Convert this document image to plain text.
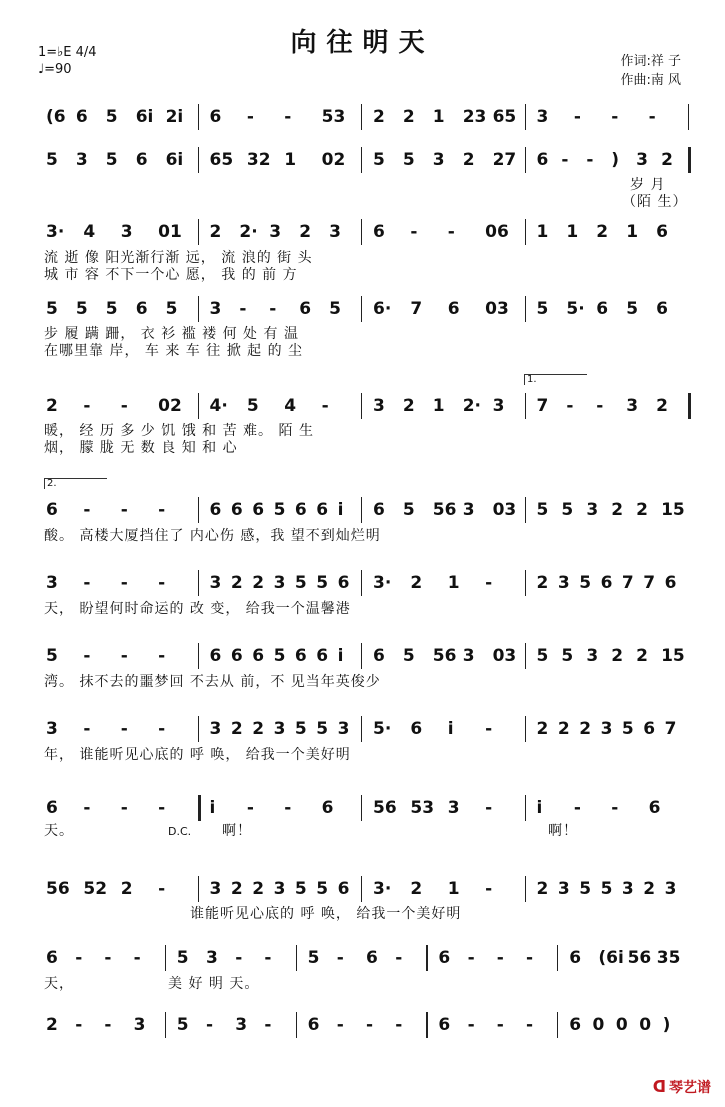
向往明天
1=♭E 4/4
♩=90
作词:祥 子
作曲:南 风
(6 6 5 6i 2i 6 - - 53 2 2 1 23 65 3 - - -
5 3 5 6 6i 65 32 1 02 5 5 3 2 27 6 - - ) 3 2
3· 4 3 01 2 2· 3 2 3 6 - - 06 1 1 2 1 6
5 5 5 6 5 3 - - 6 5 6· 7 6 03 5 5· 6 5 6
2 - - 02 4· 5 4 -	3 2 1 2· 3 7 - - 3 2
6 - - -	6 6 6 5 6 6 i 6 5 56 3 03 5 5 3 2 2 15
3 - - -	3 2 2 3 5 5 6 3· 2 1 -	2 3 5 6 7 7 6
5 - - -	6 6 6 5 6 6 i 6 5 56 3 03 5 5 3 2 2 15
3 - - -	3 2 2 3 5 5 3 5· 6 i -	2 2 2 3 5 6 7
6 - - -	i - - 6 56 53 3 -	i - - 6
56 52 2 -	3 2 2 3 5 5 6 3· 2 1 -	2 3 5 5 3 2 3
6 - - - 5 3 - - 5 - 6 - 6 - - - 6 (6i 56 35
2 - - 3 5 - 3 - 6 - - - 6 - - - 6 0 0 0 )
岁 月
（陌 生）
流 逝 像 阳光渐行渐 远， 流 浪的 街 头
城 市 容 不下一个心 愿， 我 的 前 方
步 履 蹒 跚， 衣 衫 褴 褛 何 处 有 温
在哪里靠 岸， 车 来 车 往 掀 起 的 尘
暖， 经 历 多 少 饥 饿 和 苦 难。 陌 生
烟， 朦 胧 无 数 良 知 和 心
酸。 高楼大厦挡住了 内心伤 感，我 望不到灿烂明
天， 盼望何时命运的 改 变， 给我一个温馨港
湾。 抹不去的噩梦回 不去从 前，不 见当年英俊少
年， 谁能听见心底的 呼 唤， 给我一个美好明
天。	D.C. 啊！	啊！
谁能听见心底的 呼 唤， 给我一个美好明
天，	美 好 明 天。
1.
2.
ᗡ 琴艺谱
